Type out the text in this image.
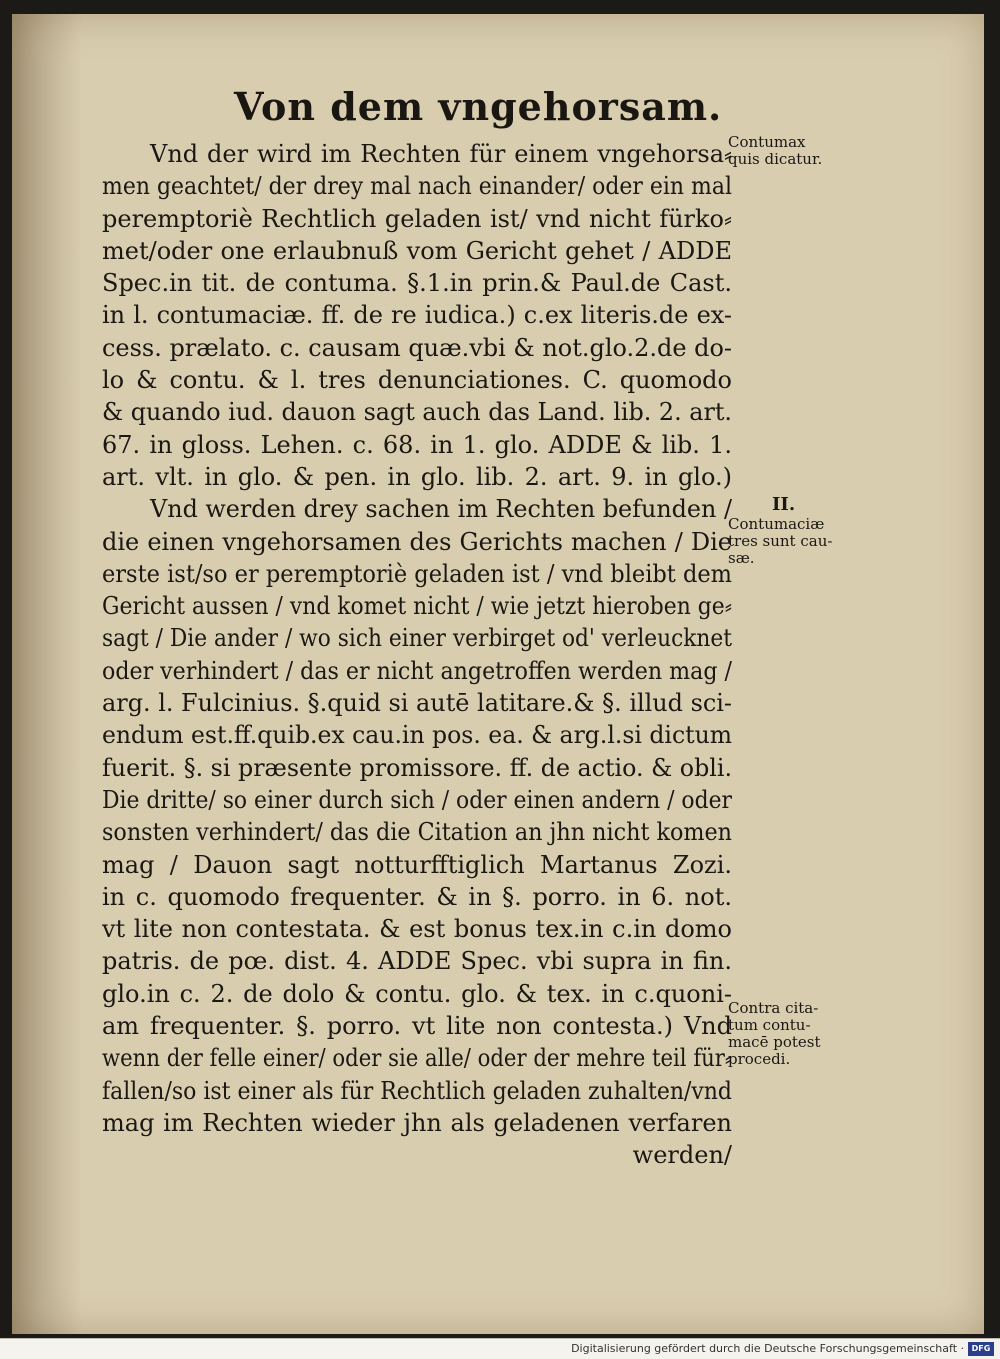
Von dem vngehorsam.
Vnd der wird im Rechten für einem vngehorsa⸗
men geachtet/ der drey mal nach einander/ oder ein mal
peremptoriè Rechtlich geladen ist/ vnd nicht fürko⸗
met/oder one erlaubnuß vom Gericht gehet / ADDE
Spec.in tit. de contuma. §.1.in prin.& Paul.de Cast.
in l. contumaciæ. ff. de re iudica.) c.ex literis.de ex-
cess. prælato. c. causam quæ.vbi & not.glo.2.de do-
lo & contu. & l. tres denunciationes. C. quomodo
& quando iud. dauon sagt auch das Land. lib. 2. art.
67. in gloss. Lehen. c. 68. in 1. glo. ADDE & lib. 1.
art. vlt. in glo. & pen. in glo. lib. 2. art. 9. in glo.)
Vnd werden drey sachen im Rechten befunden /
die einen vngehorsamen des Gerichts machen / Die
erste ist/so er peremptoriè geladen ist / vnd bleibt dem
Gericht aussen / vnd komet nicht / wie jetzt hieroben ge⸗
sagt / Die ander / wo sich einer verbirget od' verleucknet
oder verhindert / das er nicht angetroffen werden mag /
arg. l. Fulcinius. §.quid si autē latitare.& §. illud sci-
endum est.ff.quib.ex cau.in pos. ea. & arg.l.si dictum
fuerit. §. si præsente promissore. ff. de actio. & obli.
Die dritte/ so einer durch sich / oder einen andern / oder
sonsten verhindert/ das die Citation an jhn nicht komen
mag / Dauon sagt notturfftiglich Martanus Zozi.
in c. quomodo frequenter. & in §. porro. in 6. not.
vt lite non contestata. & est bonus tex.in c.in domo
patris. de pœ. dist. 4. ADDE Spec. vbi supra in fin.
glo.in c. 2. de dolo & contu. glo. & tex. in c.quoni-
am frequenter. §. porro. vt lite non contesta.) Vnd
wenn der felle einer/ oder sie alle/ oder der mehre teil für⸗
fallen/so ist einer als für Rechtlich geladen zuhalten/vnd
mag im Rechten wieder jhn als geladenen verfaren
werden/
Contumax
quis dicatur.
II.
Contumaciæ
tres sunt cau-
sæ.
Contra cita-
tum contu-
macē potest
procedi.
Digitalisierung gefördert durch die Deutsche Forschungsgemeinschaft · DFG
